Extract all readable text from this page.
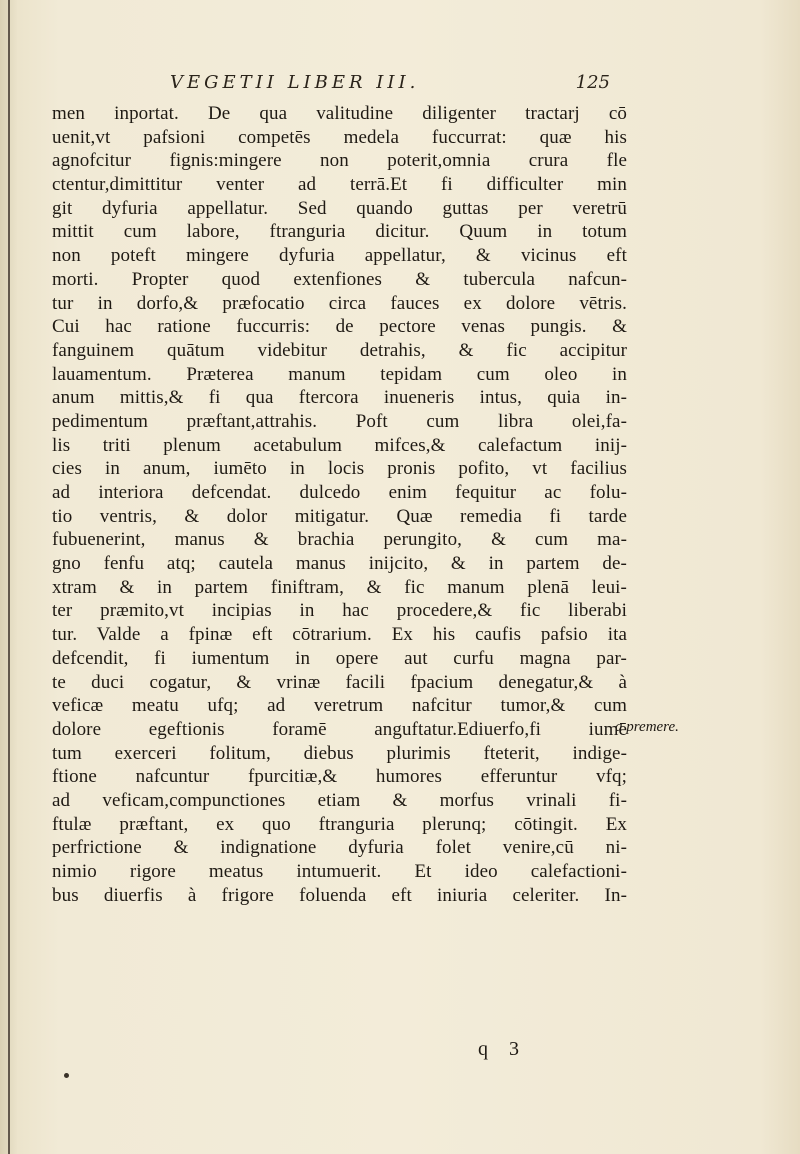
VEGETII LIBER III.	125
men inportat. De qua valitudine diligenter tractarj cō
uenit,vt pafsioni competēs medela fuccurrat: quæ his
agnofcitur fignis:mingere non poterit,omnia crura fle
ctentur,dimittitur venter ad terrā.Et fi difficulter min
git dyfuria appellatur. Sed quando guttas per veretrū
mittit cum labore, ftranguria dicitur. Quum in totum
non poteft mingere dyfuria appellatur, & vicinus eft
morti. Propter quod extenfiones & tubercula nafcun-
tur in dorfo,& præfocatio circa fauces ex dolore vētris.
Cui hac ratione fuccurris: de pectore venas pungis. &
fanguinem quātum videbitur detrahis, & fic accipitur
lauamentum. Præterea manum tepidam cum oleo in
anum mittis,& fi qua ftercora inueneris intus, quia in-
pedimentum præftant,attrahis. Poft cum libra olei,fa-
lis triti plenum acetabulum mifces,& calefactum inij-
cies in anum, iumēto in locis pronis pofito, vt facilius
ad interiora defcendat. dulcedo enim fequitur ac folu-
tio ventris, & dolor mitigatur. Quæ remedia fi tarde
fubuenerint, manus & brachia perungito, & cum ma-
gno fenfu atq; cautela manus inijcito, & in partem de-
xtram & in partem finiftram, & fic manum plenā leui-
ter præmito,vt incipias in hac procedere,& fic liberabi
tur. Valde a fpinæ eft cōtrarium. Ex his caufis pafsio ita
defcendit, fi iumentum in opere aut curfu magna par-
te duci cogatur, & vrinæ facili fpacium denegatur,& à
veficæ meatu ufq; ad veretrum nafcitur tumor,& cum
dolore egeftionis foramē anguftatur.Ediuerfo,fi iumē
tum exerceri folitum, diebus plurimis fteterit, indige-
ftione nafcuntur fpurcitiæ,& humores efferuntur vfq;
ad veficam,compunctiones etiam & morfus vrinali fi-
ftulæ præftant, ex quo ftranguria plerunq; cōtingit. Ex
perfrictione & indignatione dyfuria folet venire,cū ni-
nimio rigore meatus intumuerit. Et ideo calefactioni-
bus diuerfis à frigore foluenda eft iniuria celeriter. In-
a premere.
q 3
